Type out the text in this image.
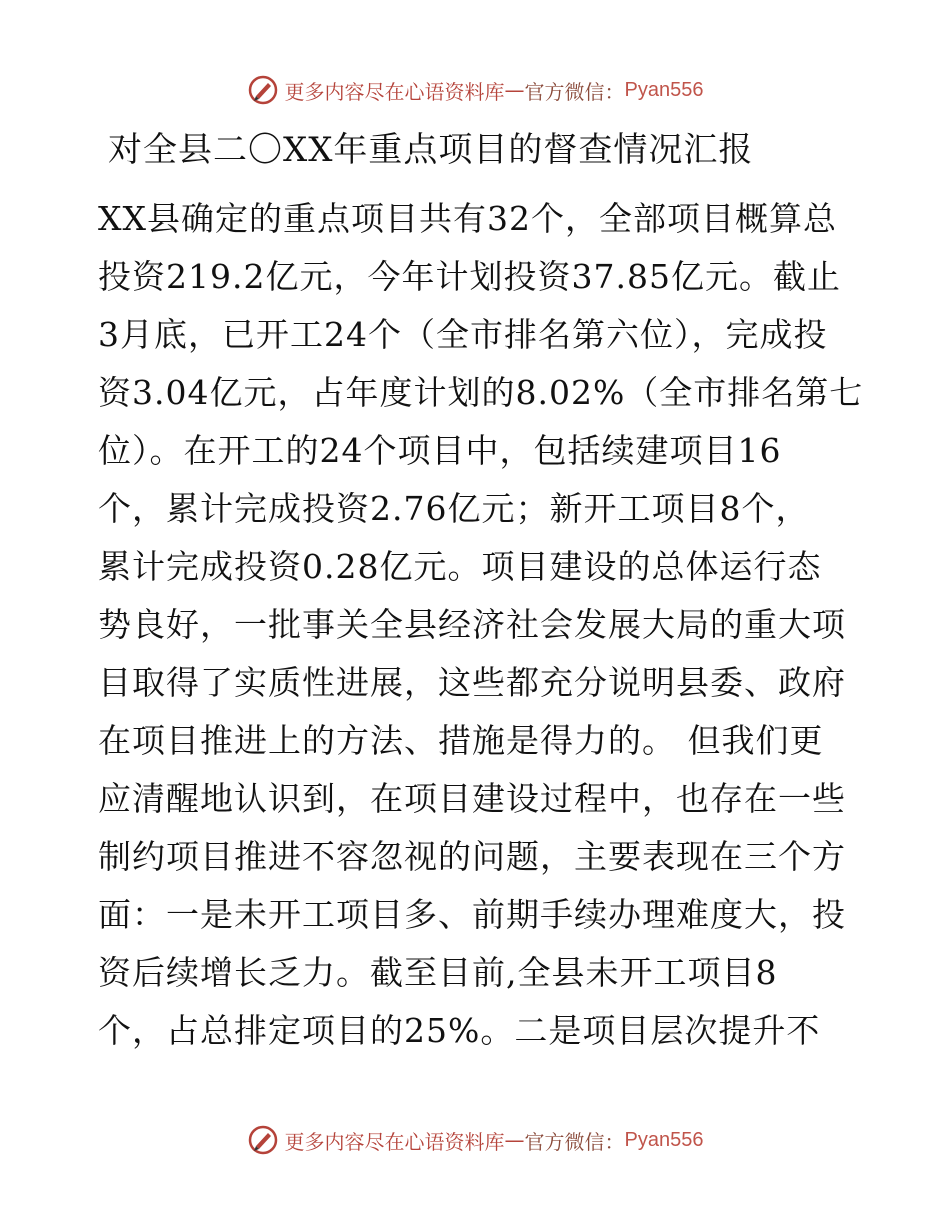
更多内容尽在心语资料库 — 官方微信： Pyan556
对全县二〇XX年重点项目的督查情况汇报
XX县确定的重点项目共有32个，全部项目概算总
投资219.2亿元，今年计划投资37.85亿元。截止
3月底，已开工24个（全市排名第六位），完成投
资3.04亿元，占年度计划的8.02%（全市排名第七
位）。在开工的24个项目中，包括续建项目16
个，累计完成投资2.76亿元；新开工项目8个，
累计完成投资0.28亿元。项目建设的总体运行态
势良好，一批事关全县经济社会发展大局的重大项
目取得了实质性进展，这些都充分说明县委、政府
在项目推进上的方法、措施是得力的。 但我们更
应清醒地认识到，在项目建设过程中，也存在一些
制约项目推进不容忽视的问题，主要表现在三个方
面：一是未开工项目多、前期手续办理难度大，投
资后续增长乏力。截至目前,全县未开工项目8
个，占总排定项目的25%。二是项目层次提升不
更多内容尽在心语资料库 — 官方微信： Pyan556
